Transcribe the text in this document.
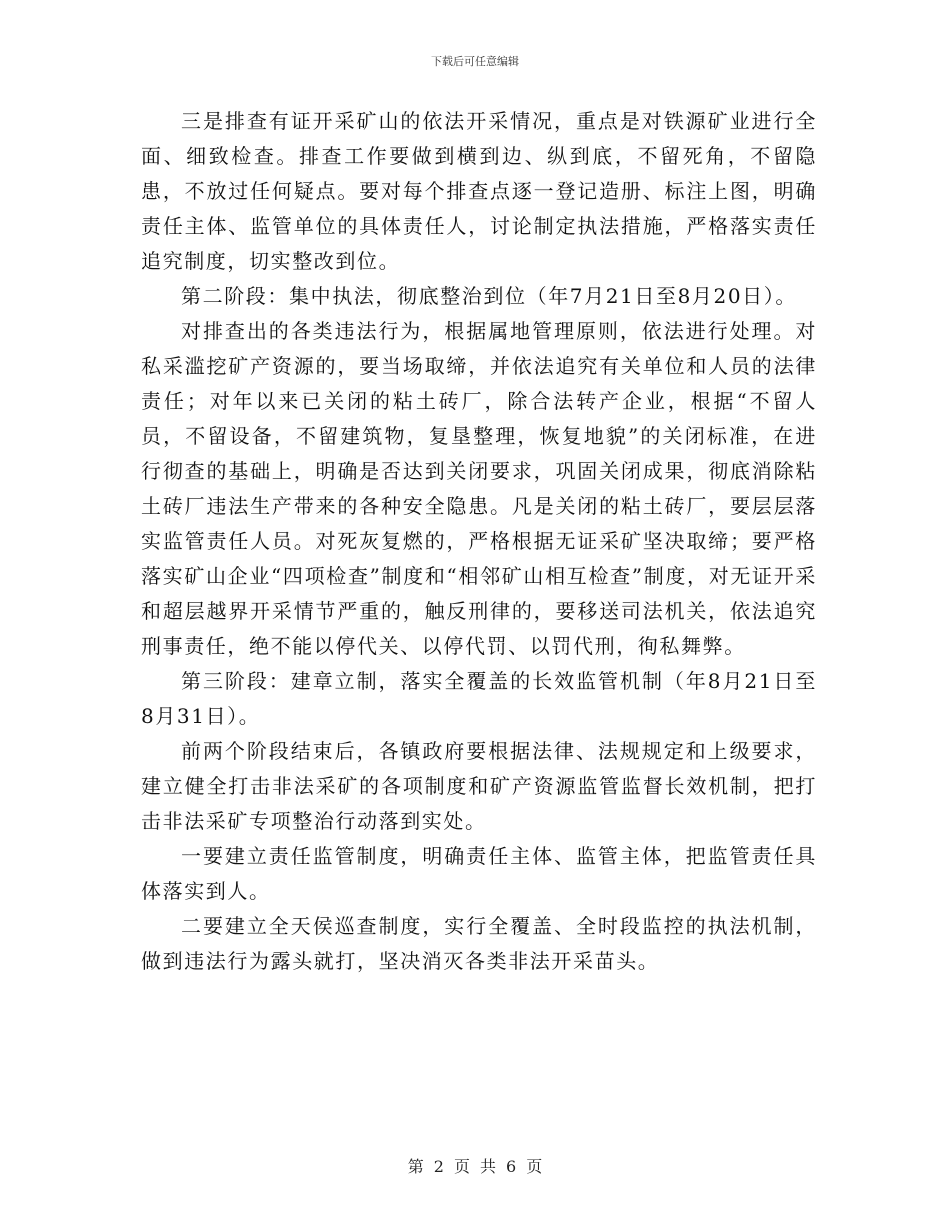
下载后可任意编辑

三是排查有证开采矿山的依法开采情况，重点是对铁源矿业进行全面、细致检查。排查工作要做到横到边、纵到底，不留死角，不留隐患，不放过任何疑点。要对每个排查点逐一登记造册、标注上图，明确责任主体、监管单位的具体责任人，讨论制定执法措施，严格落实责任追究制度，切实整改到位。

第二阶段：集中执法，彻底整治到位（年7月21日至8月20日）。

对排查出的各类违法行为，根据属地管理原则，依法进行处理。对私采滥挖矿产资源的，要当场取缔，并依法追究有关单位和人员的法律责任；对年以来已关闭的粘土砖厂，除合法转产企业，根据“不留人员，不留设备，不留建筑物，复垦整理，恢复地貌”的关闭标准，在进行彻查的基础上，明确是否达到关闭要求，巩固关闭成果，彻底消除粘土砖厂违法生产带来的各种安全隐患。凡是关闭的粘土砖厂，要层层落实监管责任人员。对死灰复燃的，严格根据无证采矿坚决取缔；要严格落实矿山企业“四项检查”制度和“相邻矿山相互检查”制度，对无证开采和超层越界开采情节严重的，触反刑律的，要移送司法机关，依法追究刑事责任，绝不能以停代关、以停代罚、以罚代刑，徇私舞弊。

第三阶段：建章立制，落实全覆盖的长效监管机制（年8月21日至8月31日）。

前两个阶段结束后，各镇政府要根据法律、法规规定和上级要求，建立健全打击非法采矿的各项制度和矿产资源监管监督长效机制，把打击非法采矿专项整治行动落到实处。

一要建立责任监管制度，明确责任主体、监管主体，把监管责任具体落实到人。

二要建立全天侯巡查制度，实行全覆盖、全时段监控的执法机制，做到违法行为露头就打，坚决消灭各类非法开采苗头。

第 2 页 共 6 页
